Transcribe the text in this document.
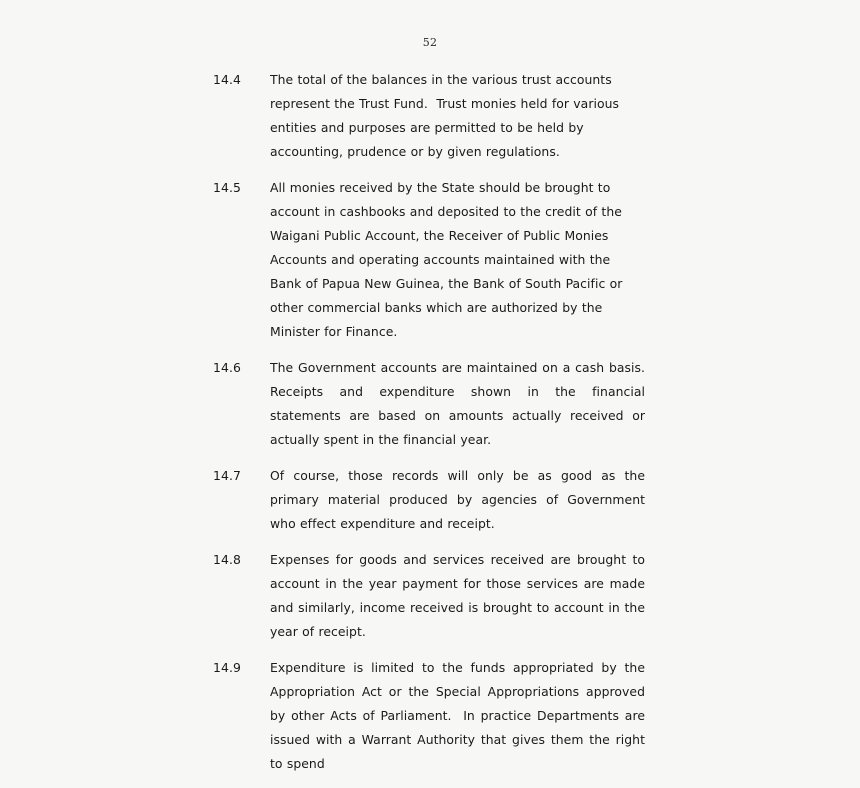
52
14.4	The total of the balances in the various trust accounts represent the Trust Fund.  Trust monies held for various entities and purposes are permitted to be held by accounting, prudence or by given regulations.
14.5	All monies received by the State should be brought to account in cashbooks and deposited to the credit of the Waigani Public Account, the Receiver of Public Monies Accounts and operating accounts maintained with the Bank of Papua New Guinea, the Bank of South Pacific or other commercial banks which are authorized by the Minister for Finance.
14.6	The Government accounts are maintained on a cash basis. Receipts and expenditure shown in the financial statements are based on amounts actually received or actually spent in the financial year.
14.7	Of course, those records will only be as good as the primary material produced by agencies of Government who effect expenditure and receipt.
14.8	Expenses for goods and services received are brought to account in the year payment for those services are made and similarly, income received is brought to account in the year of receipt.
14.9	Expenditure is limited to the funds appropriated by the Appropriation Act or the Special Appropriations approved by other Acts of Parliament.  In practice Departments are issued with a Warrant Authority that gives them the right to spend
